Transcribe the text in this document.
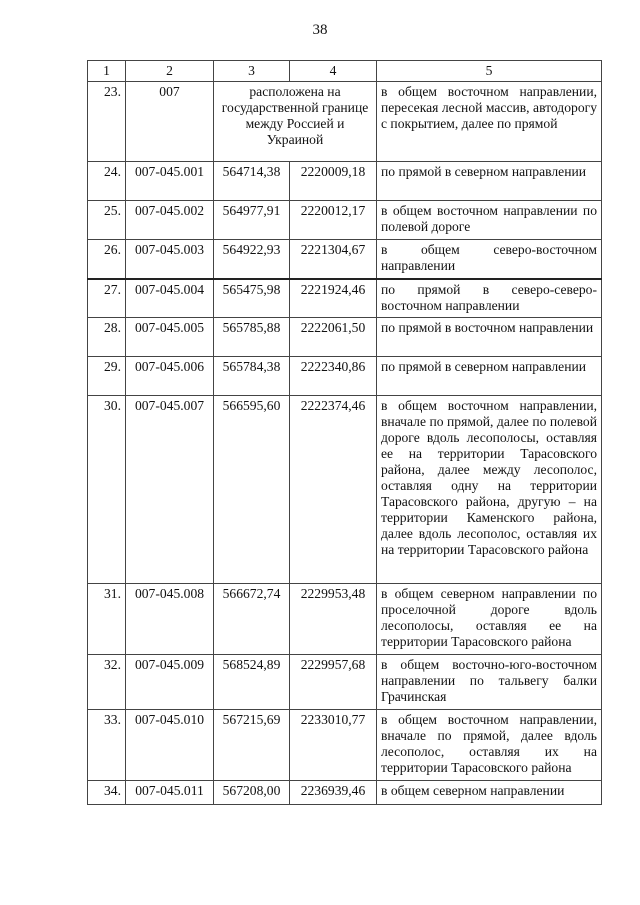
38
1	2	3	4	5
23.	007	расположена на государственной границе между Россией и Украиной		в общем восточном направлении, пересекая лесной массив, автодорогу с покрытием, далее по прямой
24.	007-045.001	564714,38	2220009,18	по прямой в северном направлении
25.	007-045.002	564977,91	2220012,17	в общем восточном направлении по полевой дороге
26.	007-045.003	564922,93	2221304,67	в общем северо-восточном направлении
27.	007-045.004	565475,98	2221924,46	по прямой в северо-северо-восточном направлении
28.	007-045.005	565785,88	2222061,50	по прямой в восточном направлении
29.	007-045.006	565784,38	2222340,86	по прямой в северном направлении
30.	007-045.007	566595,60	2222374,46	в общем восточном направлении, вначале по прямой, далее по полевой дороге вдоль лесополосы, оставляя ее на территории Тарасовского района, далее между лесополос, оставляя одну на территории Тарасовского района, другую – на территории Каменского района, далее вдоль лесополос, оставляя их на территории Тарасовского района
31.	007-045.008	566672,74	2229953,48	в общем северном направлении по проселочной дороге вдоль лесополосы, оставляя ее на территории Тарасовского района
32.	007-045.009	568524,89	2229957,68	в общем восточно-юго-восточном направлении по тальвегу балки Грачинская
33.	007-045.010	567215,69	2233010,77	в общем восточном направлении, вначале по прямой, далее вдоль лесополос, оставляя их на территории Тарасовского района
34.	007-045.011	567208,00	2236939,46	в общем северном направлении
